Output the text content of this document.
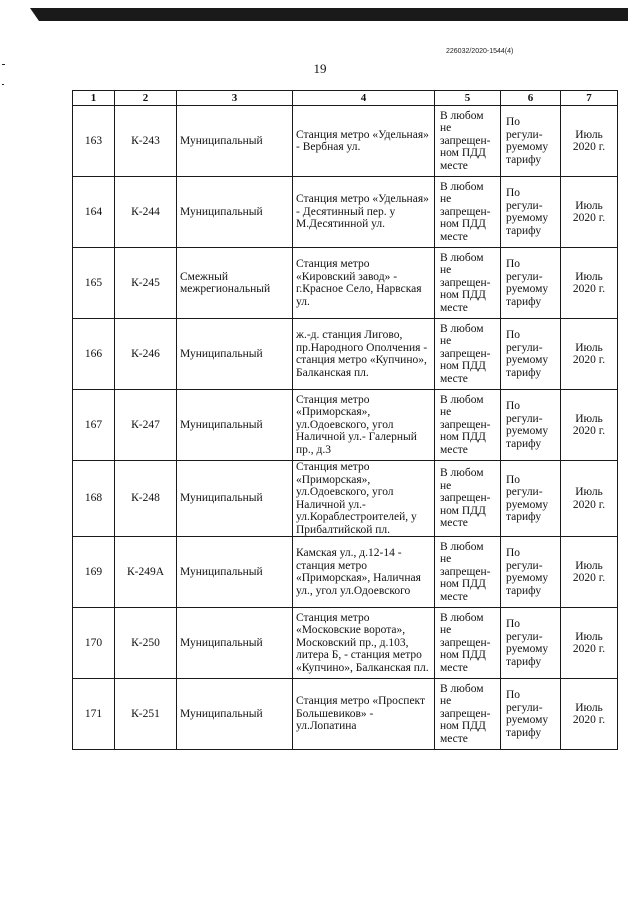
226032/2020-1544(4)
19
1	2	3	4	5	6	7
163	К-243	Муниципальный	Станция метро «Удельная» - Вербная ул.	В любом не запрещен-ном ПДД месте	По регули-руемому тарифу	Июль 2020 г.
164	К-244	Муниципальный	Станция метро «Удельная» - Десятинный пер. у М.Десятинной ул.	В любом не запрещен-ном ПДД месте	По регули-руемому тарифу	Июль 2020 г.
165	К-245	Смежный межрегиональный	Станция метро «Кировский завод» - г.Красное Село, Нарвская ул.	В любом не запрещен-ном ПДД месте	По регули-руемому тарифу	Июль 2020 г.
166	К-246	Муниципальный	ж.-д. станция Лигово, пр.Народного Ополчения - станция метро «Купчино», Балканская пл.	В любом не запрещен-ном ПДД месте	По регули-руемому тарифу	Июль 2020 г.
167	К-247	Муниципальный	Станция метро «Приморская», ул.Одоевского, угол Наличной ул.- Галерный пр., д.3	В любом не запрещен-ном ПДД месте	По регули-руемому тарифу	Июль 2020 г.
168	К-248	Муниципальный	Станция метро «Приморская», ул.Одоевского, угол Наличной ул.- ул.Кораблестроителей, у Прибалтийской пл.	В любом не запрещен-ном ПДД месте	По регули-руемому тарифу	Июль 2020 г.
169	К-249А	Муниципальный	Камская ул., д.12-14 - станция метро «Приморская», Наличная ул., угол ул.Одоевского	В любом не запрещен-ном ПДД месте	По регули-руемому тарифу	Июль 2020 г.
170	К-250	Муниципальный	Станция метро «Московские ворота», Московский пр., д.103, литера Б, - станция метро «Купчино», Балканская пл.	В любом не запрещен-ном ПДД месте	По регули-руемому тарифу	Июль 2020 г.
171	К-251	Муниципальный	Станция метро «Проспект Большевиков» - ул.Лопатина	В любом не запрещен-ном ПДД месте	По регули-руемому тарифу	Июль 2020 г.
